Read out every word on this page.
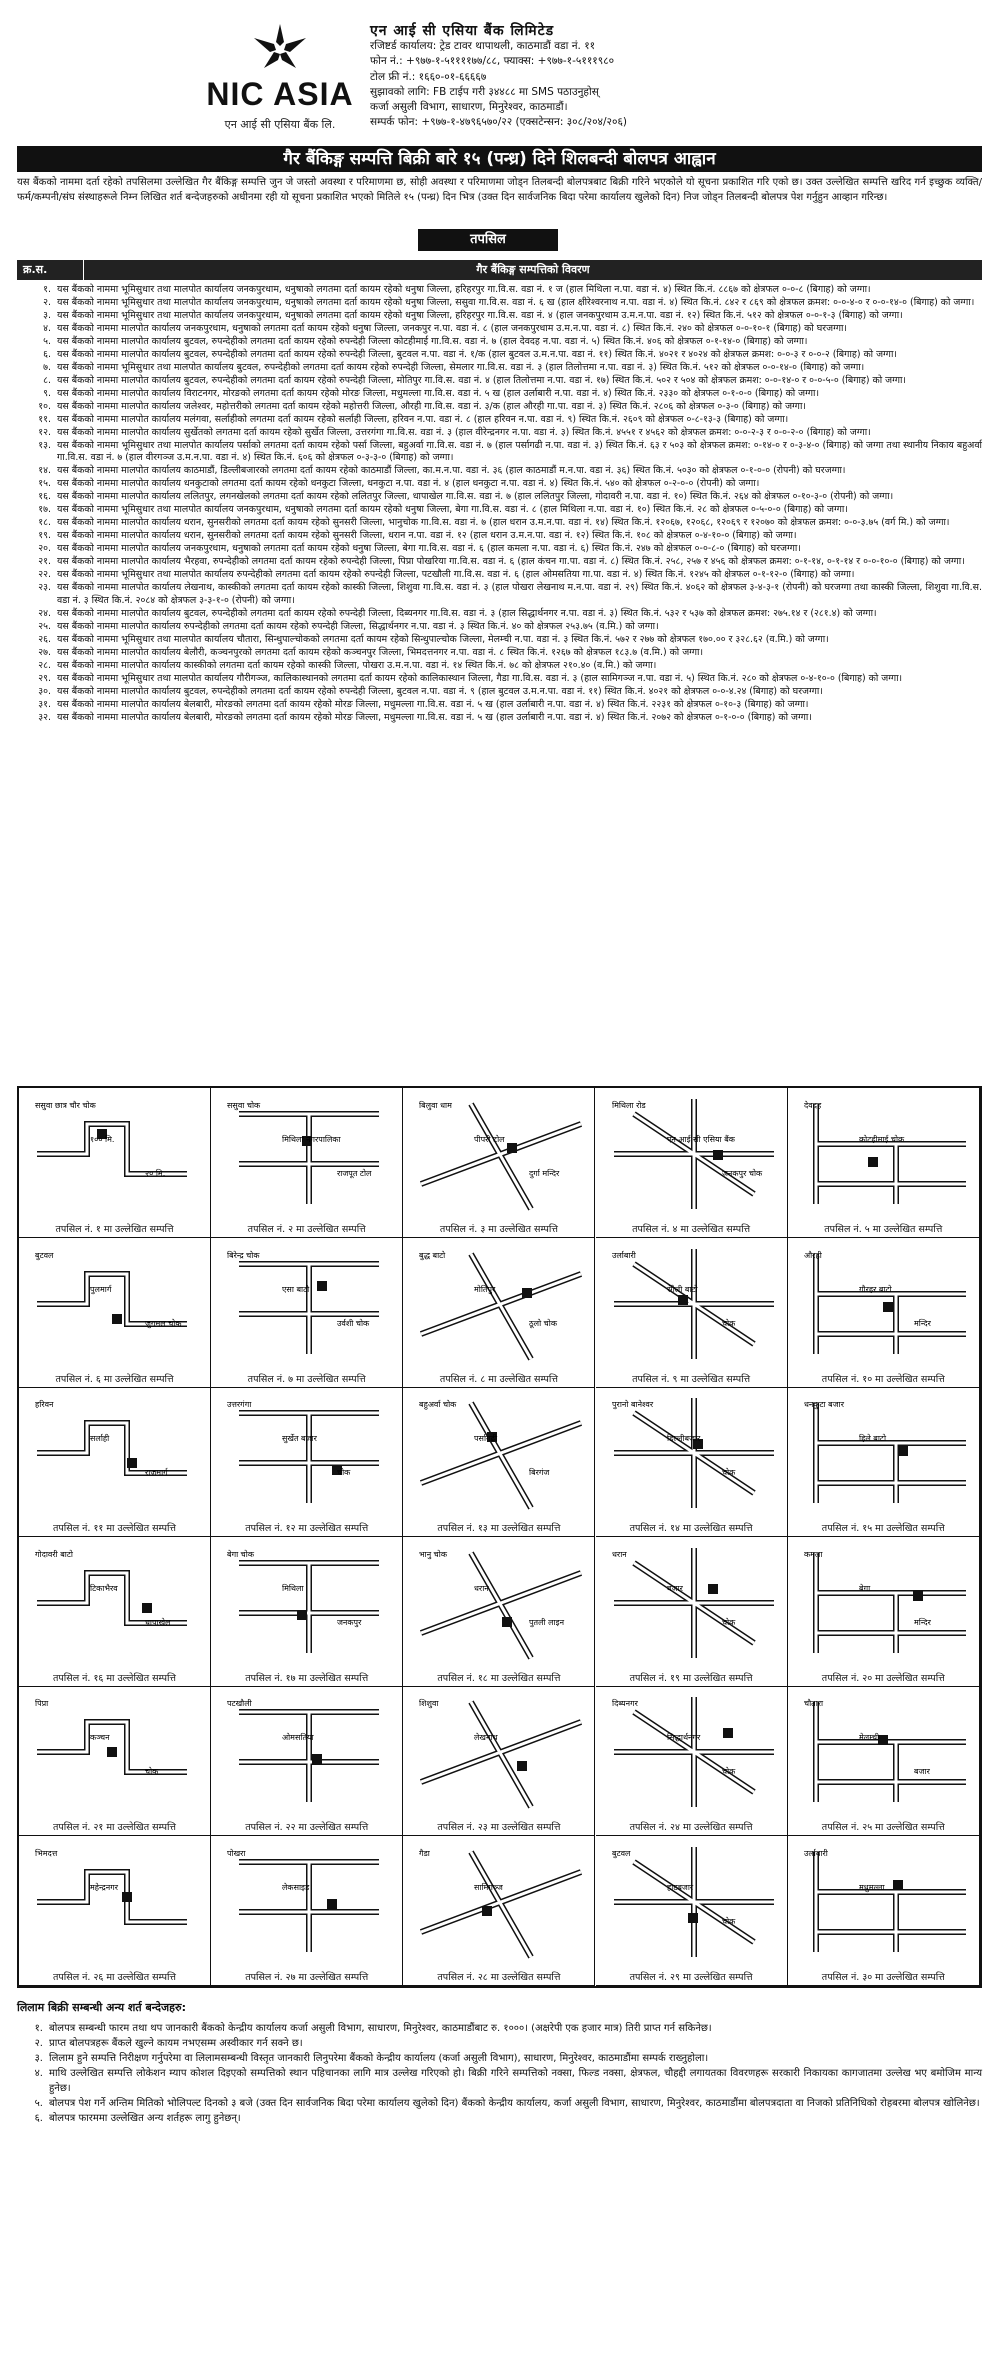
NIC ASIA
एन आई सी एसिया बैंक लि.
एन आई सी एसिया बैंक लिमिटेड
रजिष्टर्ड कार्यालय: ट्रेड टावर थापाथली, काठमाडौं वडा नं. ११
फोन नं.: +९७७-१-५११११७७/८८, फ्याक्स: +९७७-१-५१११९८०
टोल फ्री नं.: १६६०-०१-६६६६७
सुझावको लागि: FB टाईप गरी ३४४८८ मा SMS पठाउनुहोस्
कर्जा असुली विभाग, साधारण, मिनुरेश्वर, काठमाडौं।
सम्पर्क फोन: +९७७-१-४७९६५७०/२२ (एक्सटेन्सन: ३०८/२०४/२०६)
गैर बैंकिङ्ग सम्पत्ति बिक्री बारे १५ (पन्ध्र) दिने शिलबन्दी बोलपत्र आह्वान
यस बैंकको नाममा दर्ता रहेको तपसिलमा उल्लेखित गैर बैंकिङ्ग सम्पत्ति जुन जे जस्तो अवस्था र परिमाणमा छ, सोही अवस्था र परिमाणमा जोड्न तिलबन्दी बोलपत्रबाट बिक्री गरिने भएकोले यो सूचना प्रकाशित गरि एको छ। उक्त उल्लेखित सम्पत्ति खरिद गर्न इच्छुक व्यक्ति/फर्म/कम्पनी/संघ संस्थाहरूले निम्न लिखित शर्त बन्देजहरुको अधीनमा रही यो सूचना प्रकाशित भएको मितिले १५ (पन्ध्र) दिन भित्र (उक्त दिन सार्वजनिक बिदा परेमा कार्यालय खुलेको दिन) निज जोड्न तिलबन्दी बोलपत्र पेश गर्नुहुन आव्हान गरिन्छ।
तपसिल
क्र.स.	गैर बैंकिङ्ग सम्पत्तिको विवरण
१. यस बैंकको नाममा भूमिसुधार तथा मालपोत कार्यालय जनकपुरधाम, धनुषाको लगतमा दर्ता कायम रहेको धनुषा जिल्ला, हरिहरपुर गा.वि.स. वडा नं. १ ज (हाल मिथिला न.पा. वडा नं. ४) स्थित कि.नं. ८८६७ को क्षेत्रफल ०-०-८ (बिगाह) को जग्गा।
२. यस बैंकको नाममा भूमिसुधार तथा मालपोत कार्यालय जनकपुरधाम, धनुषाको लगतमा दर्ता कायम रहेको धनुषा जिल्ला, ससुवा गा.वि.स. वडा नं. ६ ख (हाल क्षीरेश्वरनाथ न.पा. वडा नं. ४) स्थित कि.नं. ८४२ र ८६९ को क्षेत्रफल क्रमश: ०-०-४-० र ०-०-१४-० (बिगाह) को जग्गा।
३. यस बैंकको नाममा भूमिसुधार तथा मालपोत कार्यालय जनकपुरधाम, धनुषाको लगतमा दर्ता कायम रहेको धनुषा जिल्ला, हरिहरपुर गा.वि.स. वडा नं. ४ (हाल जनकपुरधाम उ.म.न.पा. वडा नं. १२) स्थित कि.नं. ५१२ को क्षेत्रफल ०-०-१-३ (बिगाह) को जग्गा।
४. यस बैंकको नाममा मालपोत कार्यालय जनकपुरधाम, धनुषाको लगतमा दर्ता कायम रहेको धनुषा जिल्ला, जनकपुर न.पा. वडा नं. ८ (हाल जनकपुरधाम उ.म.न.पा. वडा नं. ८) स्थित कि.नं. २४० को क्षेत्रफल ०-०-१०-१ (बिगाह) को घरजग्गा।
५. यस बैंकको नाममा मालपोत कार्यालय बुटवल, रुपन्देहीको लगतमा दर्ता कायम रहेको रुपन्देही जिल्ला कोटहीमाई गा.वि.स. वडा नं. ७ (हाल देवदह न.पा. वडा नं. ५) स्थित कि.नं. ४०६ को क्षेत्रफल ०-१-१४-० (बिगाह) को जग्गा।
६. यस बैंकको नाममा मालपोत कार्यालय बुटवल, रुपन्देहीको लगतमा दर्ता कायम रहेको रुपन्देही जिल्ला, बुटवल न.पा. वडा नं. १/क (हाल बुटवल उ.म.न.पा. वडा नं. ११) स्थित कि.नं. ४०२१ र ४०२४ को क्षेत्रफल क्रमश: ०-०-३ र ०-०-२ (बिगाह) को जग्गा।
७. यस बैंकको नाममा भूमिसुधार तथा मालपोत कार्यालय बुटवल, रुपन्देहीको लगतमा दर्ता कायम रहेको रुपन्देही जिल्ला, सेमलार गा.वि.स. वडा नं. ३ (हाल तिलोत्तमा न.पा. वडा नं. ३) स्थित कि.नं. ५१२ को क्षेत्रफल ०-०-१४-० (बिगाह) को जग्गा।
८. यस बैंकको नाममा मालपोत कार्यालय बुटवल, रुपन्देहीको लगतमा दर्ता कायम रहेको रुपन्देही जिल्ला, मोतिपुर गा.वि.स. वडा नं. ४ (हाल तिलोत्तमा न.पा. वडा नं. १७) स्थित कि.नं. ५०२ र ५०४ को क्षेत्रफल क्रमश: ०-०-१४-० र ०-०-५-० (बिगाह) को जग्गा।
९. यस बैंकको नाममा मालपोत कार्यालय विराटनगर, मोरङको लगतमा दर्ता कायम रहेको मोरङ जिल्ला, मधुमल्ला गा.वि.स. वडा नं. ५ ख (हाल उर्लाबारी न.पा. वडा नं. ४) स्थित कि.नं. २३३० को क्षेत्रफल ०-१-०-० (बिगाह) को जग्गा।
१०. यस बैंकको नाममा मालपोत कार्यालय जलेश्वर, महोत्तरीको लगतमा दर्ता कायम रहेको महोत्तरी जिल्ला, औरही गा.वि.स. वडा नं. ३/क (हाल औरही गा.पा. वडा नं. ३) स्थित कि.नं. २८०६ को क्षेत्रफल ०-३-० (बिगाह) को जग्गा।
११. यस बैंकको नाममा मालपोत कार्यालय मलंगवा, सर्लाहीको लगतमा दर्ता कायम रहेको सर्लाही जिल्ला, हरिवन न.पा. वडा नं. ८ (हाल हरिवन न.पा. वडा नं. ९) स्थित कि.नं. २६०९ को क्षेत्रफल ०-८-१३-३ (बिगाह) को जग्गा।
१२. यस बैंकको नाममा मालपोत कार्यालय सुर्खेतको लगतमा दर्ता कायम रहेको सुर्खेत जिल्ला, उत्तरगंगा गा.वि.स. वडा नं. ३ (हाल वीरेन्द्रनगर न.पा. वडा नं. ३) स्थित कि.नं. ४५५१ र ४५६२ को क्षेत्रफल क्रमश: ०-०-२-३ र ०-०-२-० (बिगाह) को जग्गा।
१३. यस बैंकको नाममा भूमिसुधार तथा मालपोत कार्यालय पर्साको लगतमा दर्ता कायम रहेको पर्सा जिल्ला, बहुअर्वा गा.वि.स. वडा नं. ७ (हाल पर्सागढी न.पा. वडा नं. ३) स्थित कि.नं. ६३ र ५०३ को क्षेत्रफल क्रमश: ०-१४-० र ०-३-४-० (बिगाह) को जग्गा तथा स्थानीय निकाय बहुअर्वा गा.वि.स. वडा नं. ७ (हाल वीरगञ्ज उ.म.न.पा. वडा नं. ४) स्थित कि.नं. ६०६ को क्षेत्रफल ०-३-३-० (बिगाह) को जग्गा।
१४. यस बैंकको नाममा मालपोत कार्यालय काठमाडौं, डिल्लीबजारको लगतमा दर्ता कायम रहेको काठमाडौं जिल्ला, का.म.न.पा. वडा नं. ३६ (हाल काठमाडौं म.न.पा. वडा नं. ३६) स्थित कि.नं. ५०३० को क्षेत्रफल ०-१-०-० (रोपनी) को घरजग्गा।
१५. यस बैंकको नाममा मालपोत कार्यालय धनकुटाको लगतमा दर्ता कायम रहेको धनकुटा जिल्ला, धनकुटा न.पा. वडा नं. ४ (हाल धनकुटा न.पा. वडा नं. ४) स्थित कि.नं. ५४० को क्षेत्रफल ०-२-०-० (रोपनी) को जग्गा।
१६. यस बैंकको नाममा मालपोत कार्यालय ललितपुर, लगनखेलको लगतमा दर्ता कायम रहेको ललितपुर जिल्ला, धापाखेल गा.वि.स. वडा नं. ७ (हाल ललितपुर जिल्ला, गोदावरी न.पा. वडा नं. १०) स्थित कि.नं. २६४ को क्षेत्रफल ०-१०-३-० (रोपनी) को जग्गा।
१७. यस बैंकको नाममा भूमिसुधार तथा मालपोत कार्यालय जनकपुरधाम, धनुषाको लगतमा दर्ता कायम रहेको धनुषा जिल्ला, बेगा गा.वि.स. वडा नं. ८ (हाल मिथिला न.पा. वडा नं. १०) स्थित कि.नं. २८ को क्षेत्रफल ०-५-०-० (बिगाह) को जग्गा।
१८. यस बैंकको नाममा मालपोत कार्यालय धरान, सुनसरीको लगतमा दर्ता कायम रहेको सुनसरी जिल्ला, भानुचोक गा.वि.स. वडा नं. ७ (हाल धरान उ.म.न.पा. वडा नं. १४) स्थित कि.नं. १२०६७, १२०६८, १२०६९ र १२०७० को क्षेत्रफल क्रमश: ०-०-३.७५ (वर्ग मि.) को जग्गा।
१९. यस बैंकको नाममा मालपोत कार्यालय धरान, सुनसरीको लगतमा दर्ता कायम रहेको सुनसरी जिल्ला, धरान न.पा. वडा नं. १२ (हाल धरान उ.म.न.पा. वडा नं. १२) स्थित कि.नं. १०८ को क्षेत्रफल ०-४-१०-० (बिगाह) को जग्गा।
२०. यस बैंकको नाममा मालपोत कार्यालय जनकपुरधाम, धनुषाको लगतमा दर्ता कायम रहेको धनुषा जिल्ला, बेगा गा.वि.स. वडा नं. ६ (हाल कमला न.पा. वडा नं. ६) स्थित कि.नं. २४७ को क्षेत्रफल ०-०-८-० (बिगाह) को घरजग्गा।
२१. यस बैंकको नाममा मालपोत कार्यालय भैरहवा, रुपन्देहीको लगतमा दर्ता कायम रहेको रुपन्देही जिल्ला, पिप्रा पोखरिया गा.वि.स. वडा नं. ६ (हाल कंचन गा.पा. वडा नं. ८) स्थित कि.नं. २५८, २५७ र ४५६ को क्षेत्रफल क्रमश: ०-१-१४, ०-१-१४ र ०-०-१०-० (बिगाह) को जग्गा।
२२. यस बैंकको नाममा भूमिसुधार तथा मालपोत कार्यालय रुपन्देहीको लगतमा दर्ता कायम रहेको रुपन्देही जिल्ला, पटखौली गा.वि.स. वडा नं. ६ (हाल ओमसतिया गा.पा. वडा नं. ४) स्थित कि.नं. १२४५ को क्षेत्रफल ०-१-१२-० (बिगाह) को जग्गा।
२३. यस बैंकको नाममा मालपोत कार्यालय लेखनाथ, कास्कीको लगतमा दर्ता कायम रहेको कास्की जिल्ला, शिशुवा गा.वि.स. वडा नं. ३ (हाल पोखरा लेखनाथ म.न.पा. वडा नं. २९) स्थित कि.नं. ४०६२ को क्षेत्रफल ३-४-३-१ (रोपनी) को घरजग्गा तथा कास्की जिल्ला, शिशुवा गा.वि.स. वडा नं. ३ स्थित कि.नं. २०८४ को क्षेत्रफल ३-३-१-० (रोपनी) को जग्गा।
२४. यस बैंकको नाममा मालपोत कार्यालय बुटवल, रुपन्देहीको लगतमा दर्ता कायम रहेको रुपन्देही जिल्ला, दिब्यनगर गा.वि.स. वडा नं. ३ (हाल सिद्धार्थनगर न.पा. वडा नं. ३) स्थित कि.नं. ५३२ र ५३७ को क्षेत्रफल क्रमश: २७५.१४ र (२८१.४) को जग्गा।
२५. यस बैंकको नाममा मालपोत कार्यालय रुपन्देहीको लगतमा दर्ता कायम रहेको रुपन्देही जिल्ला, सिद्धार्थनगर न.पा. वडा नं. ३ स्थित कि.नं. ४० को क्षेत्रफल २५३.७५ (व.मि.) को जग्गा।
२६. यस बैंकको नाममा भूमिसुधार तथा मालपोत कार्यालय चौतारा, सिन्धुपाल्चोकको लगतमा दर्ता कायम रहेको सिन्धुपाल्चोक जिल्ला, मेलम्ची न.पा. वडा नं. ३ स्थित कि.नं. ५७२ र २७७ को क्षेत्रफल १७०.०० र ३२८.६२ (व.मि.) को जग्गा।
२७. यस बैंकको नाममा मालपोत कार्यालय बेलौरी, कञ्चनपुरको लगतमा दर्ता कायम रहेको कञ्चनपुर जिल्ला, भिमदत्तनगर न.पा. वडा नं. ८ स्थित कि.नं. १२६७ को क्षेत्रफल १८३.७ (व.मि.) को जग्गा।
२८. यस बैंकको नाममा मालपोत कार्यालय कास्कीको लगतमा दर्ता कायम रहेको कास्की जिल्ला, पोखरा उ.म.न.पा. वडा नं. १४ स्थित कि.नं. ७८ को क्षेत्रफल २१०.४० (व.मि.) को जग्गा।
२९. यस बैंकको नाममा भूमिसुधार तथा मालपोत कार्यालय गौरीगञ्ज, कालिकास्थानको लगतमा दर्ता कायम रहेको कालिकास्थान जिल्ला, गैडा गा.वि.स. वडा नं. ३ (हाल सामिगञ्ज न.पा. वडा नं. ५) स्थित कि.नं. २८० को क्षेत्रफल ०-४-१०-० (बिगाह) को जग्गा।
३०. यस बैंकको नाममा मालपोत कार्यालय बुटवल, रुपन्देहीको लगतमा दर्ता कायम रहेको रुपन्देही जिल्ला, बुटवल न.पा. वडा नं. ९ (हाल बुटवल उ.म.न.पा. वडा नं. ११) स्थित कि.नं. ४०२१ को क्षेत्रफल ०-०-४.२४ (बिगाह) को घरजग्गा।
३१. यस बैंकको नाममा मालपोत कार्यालय बेलबारी, मोरङको लगतमा दर्ता कायम रहेको मोरङ जिल्ला, मधुमल्ला गा.वि.स. वडा नं. ५ ख (हाल उर्लाबारी न.पा. वडा नं. ४) स्थित कि.नं. २२३१ को क्षेत्रफल ०-१०-३ (बिगाह) को जग्गा।
३२. यस बैंकको नाममा मालपोत कार्यालय बेलबारी, मोरङको लगतमा दर्ता कायम रहेको मोरङ जिल्ला, मधुमल्ला गा.वि.स. वडा नं. ५ ख (हाल उर्लाबारी न.पा. वडा नं. ४) स्थित कि.नं. २०७२ को क्षेत्रफल ०-१-०-० (बिगाह) को जग्गा।
ससुवा छात्र चौर चोक
१०० मि.
२० मि.
तपसिल नं. १ मा उल्लेखित सम्पत्ति
ससुवा चोक
मिथिला नगरपालिका
राजपूत टोल
तपसिल नं. २ मा उल्लेखित सम्पत्ति
बिलुवा धाम
पीपरी टोल
दुर्गा मन्दिर
तपसिल नं. ३ मा उल्लेखित सम्पत्ति
मिथिला रोड
एन आई सी एसिया बैंक
जनकपुर चोक
तपसिल नं. ४ मा उल्लेखित सम्पत्ति
देवदह
कोटहीमाई चोक
तपसिल नं. ५ मा उल्लेखित सम्पत्ति
बुटवल
पुलमार्ग
जुगमल चोक
तपसिल नं. ६ मा उल्लेखित सम्पत्ति
बिरेन्द्र चोक
एसा बाटो
उर्वशी चोक
तपसिल नं. ७ मा उल्लेखित सम्पत्ति
बुद्ध बाटो
मोतिपुर
ठूलो चोक
तपसिल नं. ८ मा उल्लेखित सम्पत्ति
उर्लाबारी
रंगेली बाटो
चोक
तपसिल नं. ९ मा उल्लेखित सम्पत्ति
औरही
गौरहर बाटो
मन्दिर
तपसिल नं. १० मा उल्लेखित सम्पत्ति
हरिवन
सर्लाही
राजमार्ग
तपसिल नं. ११ मा उल्लेखित सम्पत्ति
उत्तरगंगा
सुर्खेत बजार
चोक
तपसिल नं. १२ मा उल्लेखित सम्पत्ति
बहुअर्वा चोक
पर्सागढी
बिरगंज
तपसिल नं. १३ मा उल्लेखित सम्पत्ति
पुरानो बानेश्वर
डिल्लीबजार
चोक
तपसिल नं. १४ मा उल्लेखित सम्पत्ति
धनकुटा बजार
हिले बाटो
तपसिल नं. १५ मा उल्लेखित सम्पत्ति
गोदावरी बाटो
टिकाभैरव
धापाखेल
तपसिल नं. १६ मा उल्लेखित सम्पत्ति
बेगा चोक
मिथिला
जनकपुर
तपसिल नं. १७ मा उल्लेखित सम्पत्ति
भानु चोक
धरान
पुतली लाइन
तपसिल नं. १८ मा उल्लेखित सम्पत्ति
धरान
बजार
चोक
तपसिल नं. १९ मा उल्लेखित सम्पत्ति
कमला
बेगा
मन्दिर
तपसिल नं. २० मा उल्लेखित सम्पत्ति
पिप्रा
कञ्चन
चोक
तपसिल नं. २१ मा उल्लेखित सम्पत्ति
पटखौली
ओमसतिया
तपसिल नं. २२ मा उल्लेखित सम्पत्ति
शिशुवा
लेखनाथ
तपसिल नं. २३ मा उल्लेखित सम्पत्ति
दिब्यनगर
सिद्धार्थनगर
चोक
तपसिल नं. २४ मा उल्लेखित सम्पत्ति
चौतारा
मेलम्ची
बजार
तपसिल नं. २५ मा उल्लेखित सम्पत्ति
भिमदत्त
महेन्द्रनगर
तपसिल नं. २६ मा उल्लेखित सम्पत्ति
पोखरा
लेकसाइड
तपसिल नं. २७ मा उल्लेखित सम्पत्ति
गैडा
सामिगञ्ज
तपसिल नं. २८ मा उल्लेखित सम्पत्ति
बुटवल
हाटबजार
चोक
तपसिल नं. २९ मा उल्लेखित सम्पत्ति
उर्लाबारी
मधुमल्ला
तपसिल नं. ३० मा उल्लेखित सम्पत्ति
लिलाम बिक्री सम्बन्धी अन्य शर्त बन्देजहरु:
१. बोलपत्र सम्बन्धी फारम तथा थप जानकारी बैंकको केन्द्रीय कार्यालय कर्जा असुली विभाग, साधारण, मिनुरेश्वर, काठमाडौंबाट रु. १०००। (अक्षरेपी एक हजार मात्र) तिरी प्राप्त गर्न सकिनेछ।
२. प्राप्त बोलपत्रहरू बैंकले खुल्ने कायम नभएसम्म अस्वीकार गर्न सक्ने छ।
३. लिलाम हुने सम्पत्ति निरीक्षण गर्नुपरेमा वा लिलामसम्बन्धी विस्तृत जानकारी लिनुपरेमा बैंकको केन्द्रीय कार्यालय (कर्जा असुली विभाग), साधारण, मिनुरेश्वर, काठमाडौंमा सम्पर्क राख्नुहोला।
४. माथि उल्लेखित सम्पत्ति लोकेशन म्याप कोशल दिइएको सम्पत्तिको स्थान पहिचानका लागि मात्र उल्लेख गरिएको हो। बिक्री गरिने सम्पत्तिको नक्सा, फिल्ड नक्सा, क्षेत्रफल, चौहद्दी लगायतका विवरणहरू सरकारी निकायका कागजातमा उल्लेख भए बमोजिम मान्य हुनेछ।
५. बोलपत्र पेश गर्ने अन्तिम मितिको भोलिपल्ट दिनको ३ बजे (उक्त दिन सार्वजनिक बिदा परेमा कार्यालय खुलेको दिन) बैंकको केन्द्रीय कार्यालय, कर्जा असुली विभाग, साधारण, मिनुरेश्वर, काठमाडौंमा बोलपत्रदाता वा निजको प्रतिनिधिको रोहबरमा बोलपत्र खोलिनेछ।
६. बोलपत्र फारममा उल्लेखित अन्य शर्तहरू लागु हुनेछन्।
